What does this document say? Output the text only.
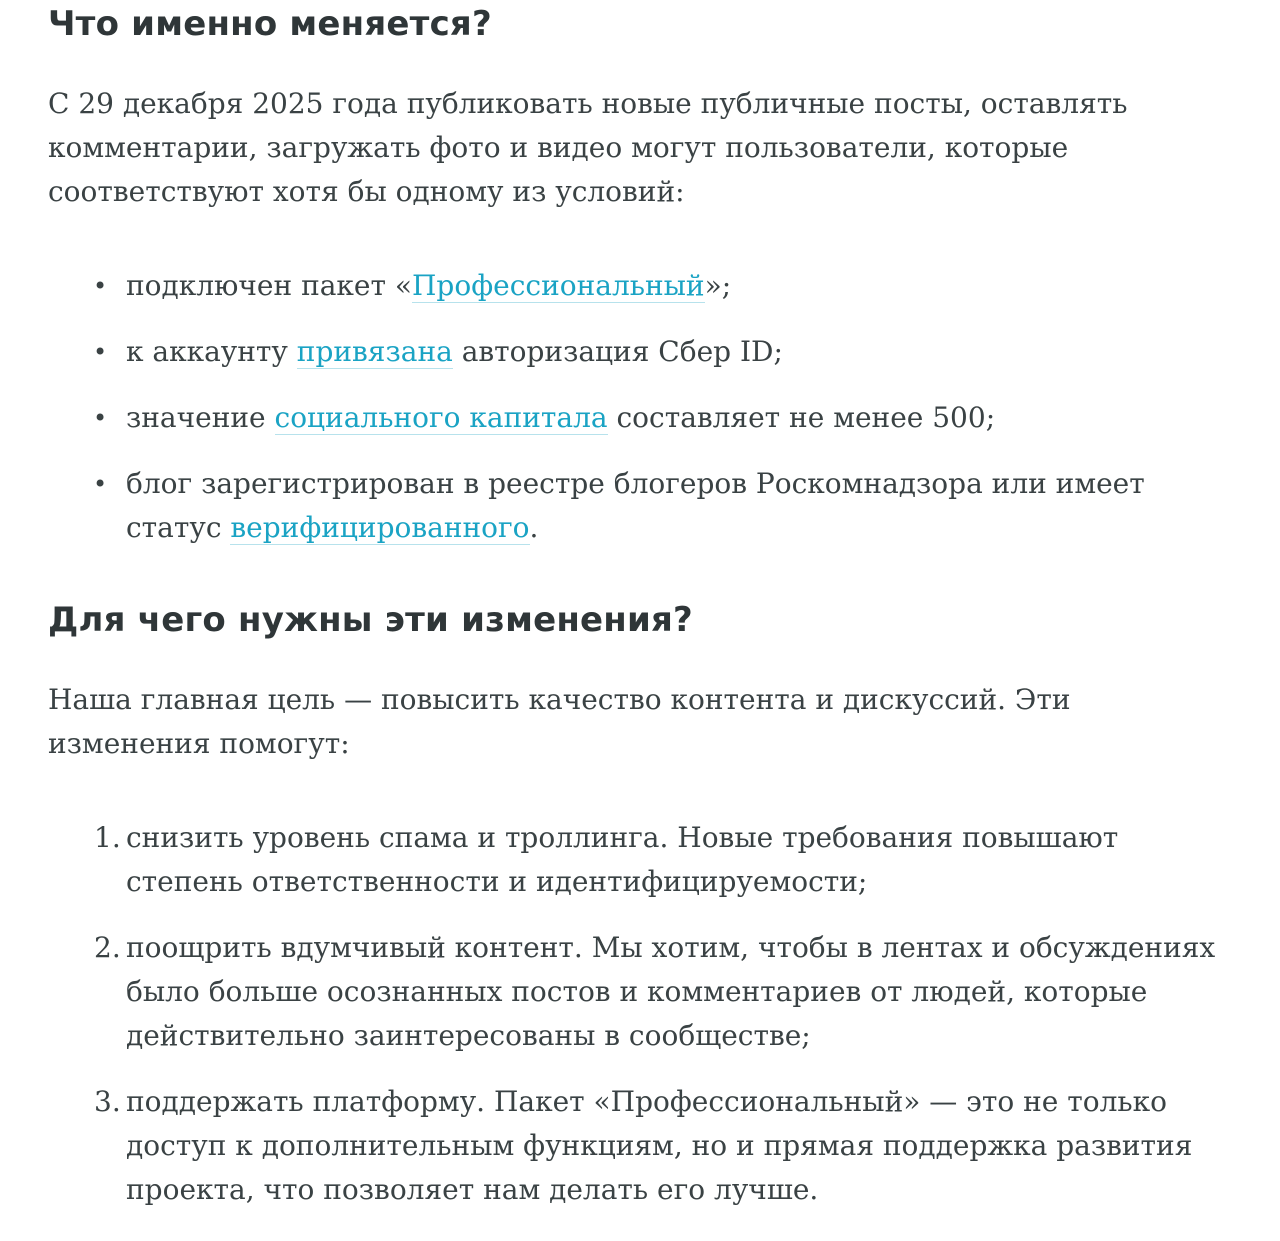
Что именно меняется?

С 29 декабря 2025 года публиковать новые публичные посты, оставлять комментарии, загружать фото и видео могут пользователи, которые соответствуют хотя бы одному из условий:

• подключен пакет «Профессиональный»;
• к аккаунту привязана авторизация Сбер ID;
• значение социального капитала составляет не менее 500;
• блог зарегистрирован в реестре блогеров Роскомнадзора или имеет статус верифицированного.
Для чего нужны эти изменения?

Наша главная цель — повысить качество контента и дискуссий. Эти изменения помогут:

1. снизить уровень спама и троллинга. Новые требования повышают степень ответственности и идентифицируемости;
2. поощрить вдумчивый контент. Мы хотим, чтобы в лентах и обсуждениях было больше осознанных постов и комментариев от людей, которые действительно заинтересованы в сообществе;
3. поддержать платформу. Пакет «Профессиональный» — это не только доступ к дополнительным функциям, но и прямая поддержка развития проекта, что позволяет нам делать его лучше.
